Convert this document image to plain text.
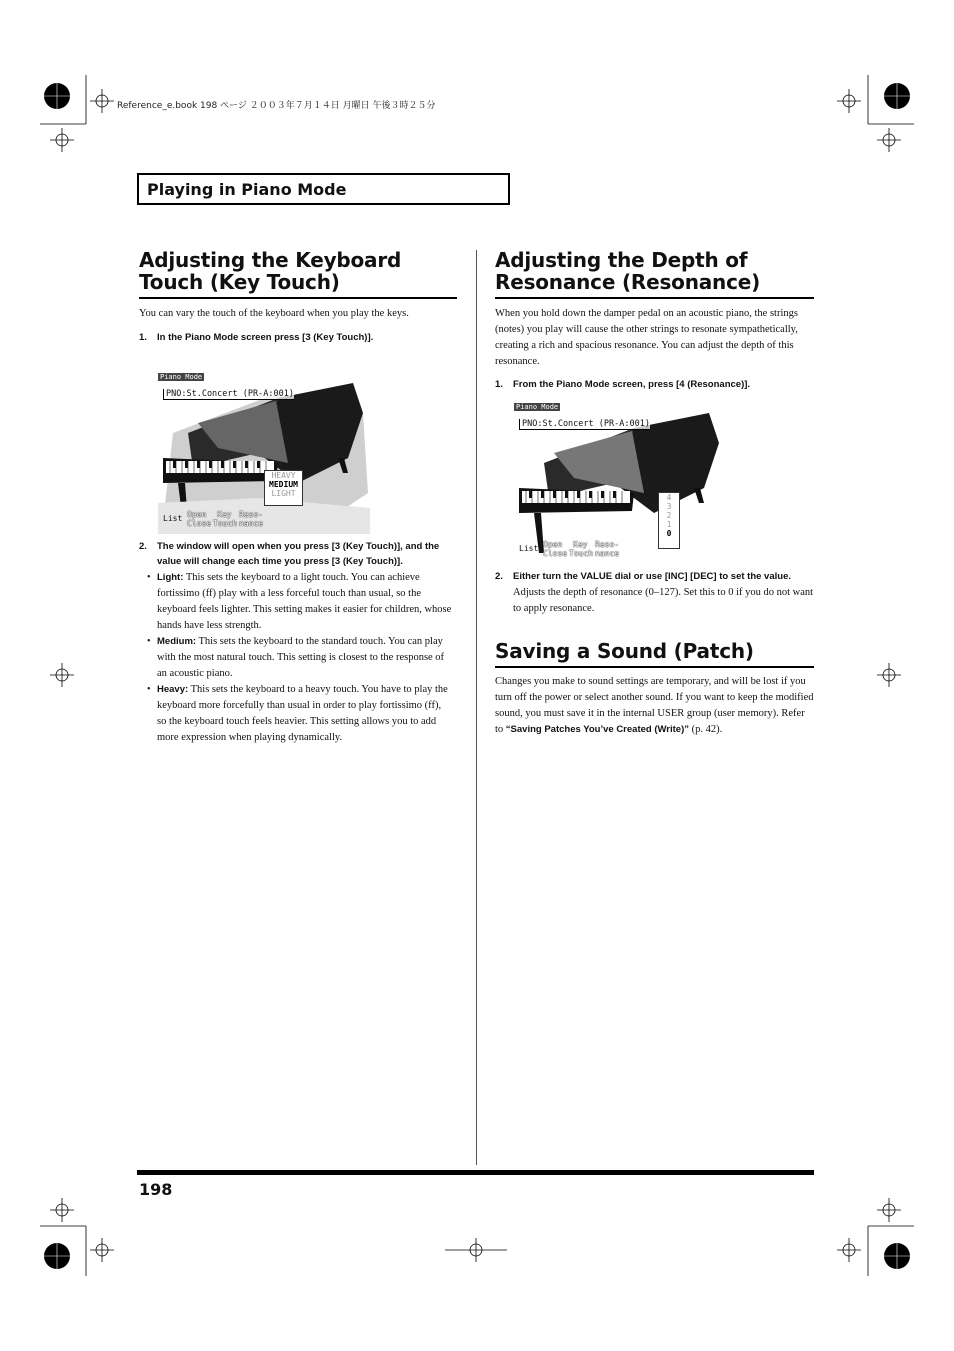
Reference_e.book 198 ページ ２００３年７月１４日 月曜日 午後３時２５分
Playing in Piano Mode
Adjusting the Keyboard Touch (Key Touch)
You can vary the touch of the keyboard when you play the keys.
1. In the Piano Mode screen press [3 (Key Touch)].
Piano Mode
PNO:St.Concert (PR-A:001)
HEAVY
MEDIUM
LIGHT
List Open
Close
Key
Touch
Reso-
nance
2. The window will open when you press [3 (Key Touch)], and the value will change each time you press [3 (Key Touch)].
• Light: This sets the keyboard to a light touch. You can achieve fortissimo (ff) play with a less forceful touch than usual, so the keyboard feels lighter. This setting makes it easier for children, whose hands have less strength.
• Medium: This sets the keyboard to the standard touch. You can play with the most natural touch. This setting is closest to the response of an acoustic piano.
• Heavy: This sets the keyboard to a heavy touch. You have to play the keyboard more forcefully than usual in order to play fortissimo (ff), so the keyboard touch feels heavier. This setting allows you to add more expression when playing dynamically.
Adjusting the Depth of Resonance (Resonance)
When you hold down the damper pedal on an acoustic piano, the strings (notes) you play will cause the other strings to resonate sympathetically, creating a rich and spacious resonance. You can adjust the depth of this resonance.
1. From the Piano Mode screen, press [4 (Resonance)].
Piano Mode
PNO:St.Concert (PR-A:001)
4
3
2
1
0
List Open
Close
Key
Touch
Reso-
nance
2. Either turn the VALUE dial or use [INC] [DEC] to set the value.
Adjusts the depth of resonance (0–127). Set this to 0 if you do not want to apply resonance.
Saving a Sound (Patch)
Changes you make to sound settings are temporary, and will be lost if you turn off the power or select another sound. If you want to keep the modified sound, you must save it in the internal USER group (user memory). Refer to “Saving Patches You’ve Created (Write)” (p. 42).
198
